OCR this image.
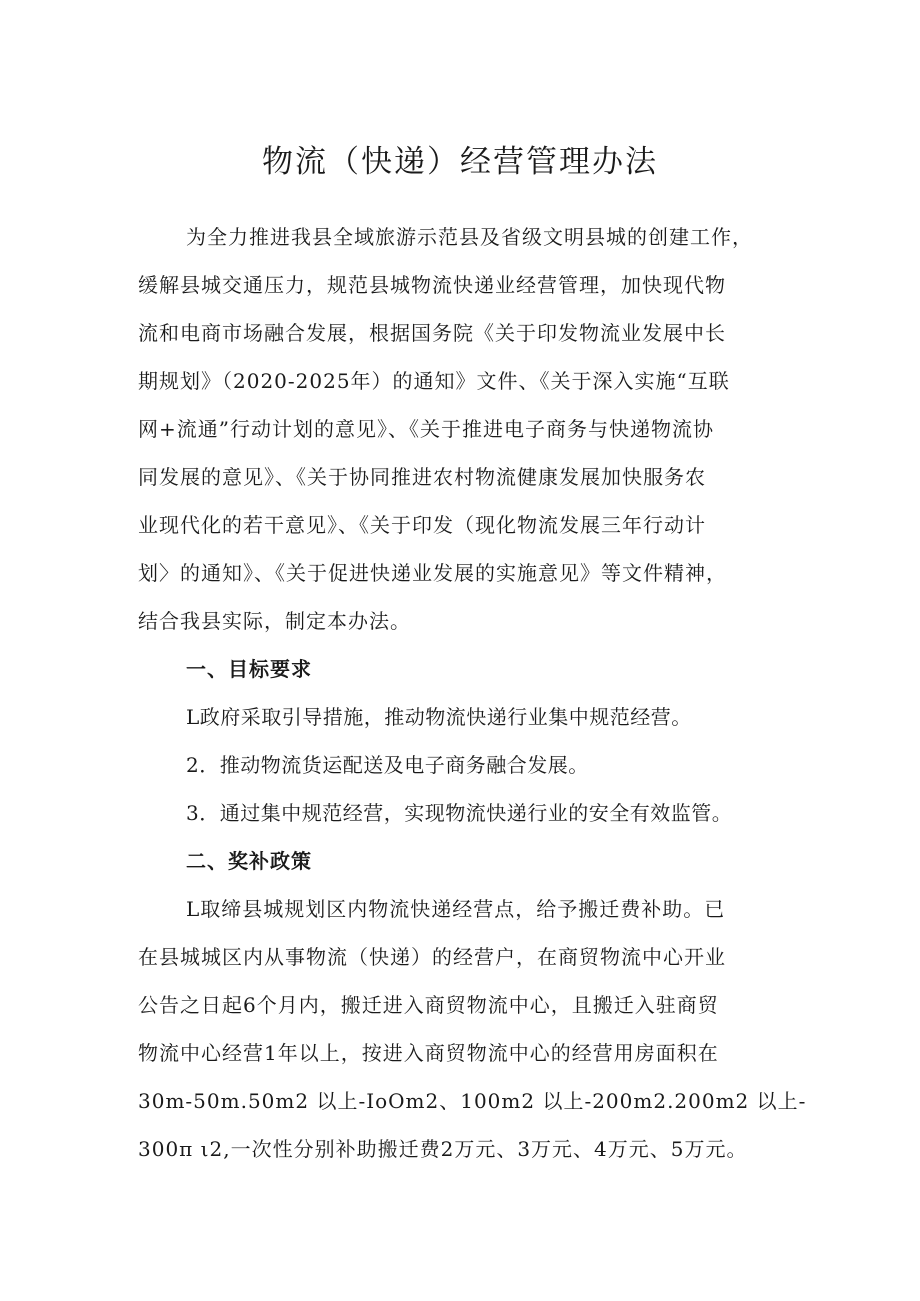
物流（快递）经营管理办法

为全力推进我县全域旅游示范县及省级文明县城的创建工作，

缓解县城交通压力，规范县城物流快递业经营管理，加快现代物

流和电商市场融合发展，根据国务院《关于印发物流业发展中长

期规划》（2020-2025年）的通知》文件、《关于深入实施“互联

网+流通”行动计划的意见》、《关于推进电子商务与快递物流协

同发展的意见》、《关于协同推进农村物流健康发展加快服务农

业现代化的若干意见》、《关于印发（现化物流发展三年行动计

划〉的通知》、《关于促进快递业发展的实施意见》等文件精神，

结合我县实际，制定本办法。

一、目标要求

L政府采取引导措施，推动物流快递行业集中规范经营。

2．推动物流货运配送及电子商务融合发展。

3．通过集中规范经营，实现物流快递行业的安全有效监管。

二、奖补政策

L取缔县城规划区内物流快递经营点，给予搬迁费补助。已

在县城城区内从事物流（快递）的经营户，在商贸物流中心开业

公告之日起6个月内，搬迁进入商贸物流中心，且搬迁入驻商贸

物流中心经营1年以上，按进入商贸物流中心的经营用房面积在

30m-50m.50m2 以上-IoOm2、100m2 以上-200m2.200m2 以上-

300π ι2,一次性分别补助搬迁费2万元、3万元、4万元、5万元。
